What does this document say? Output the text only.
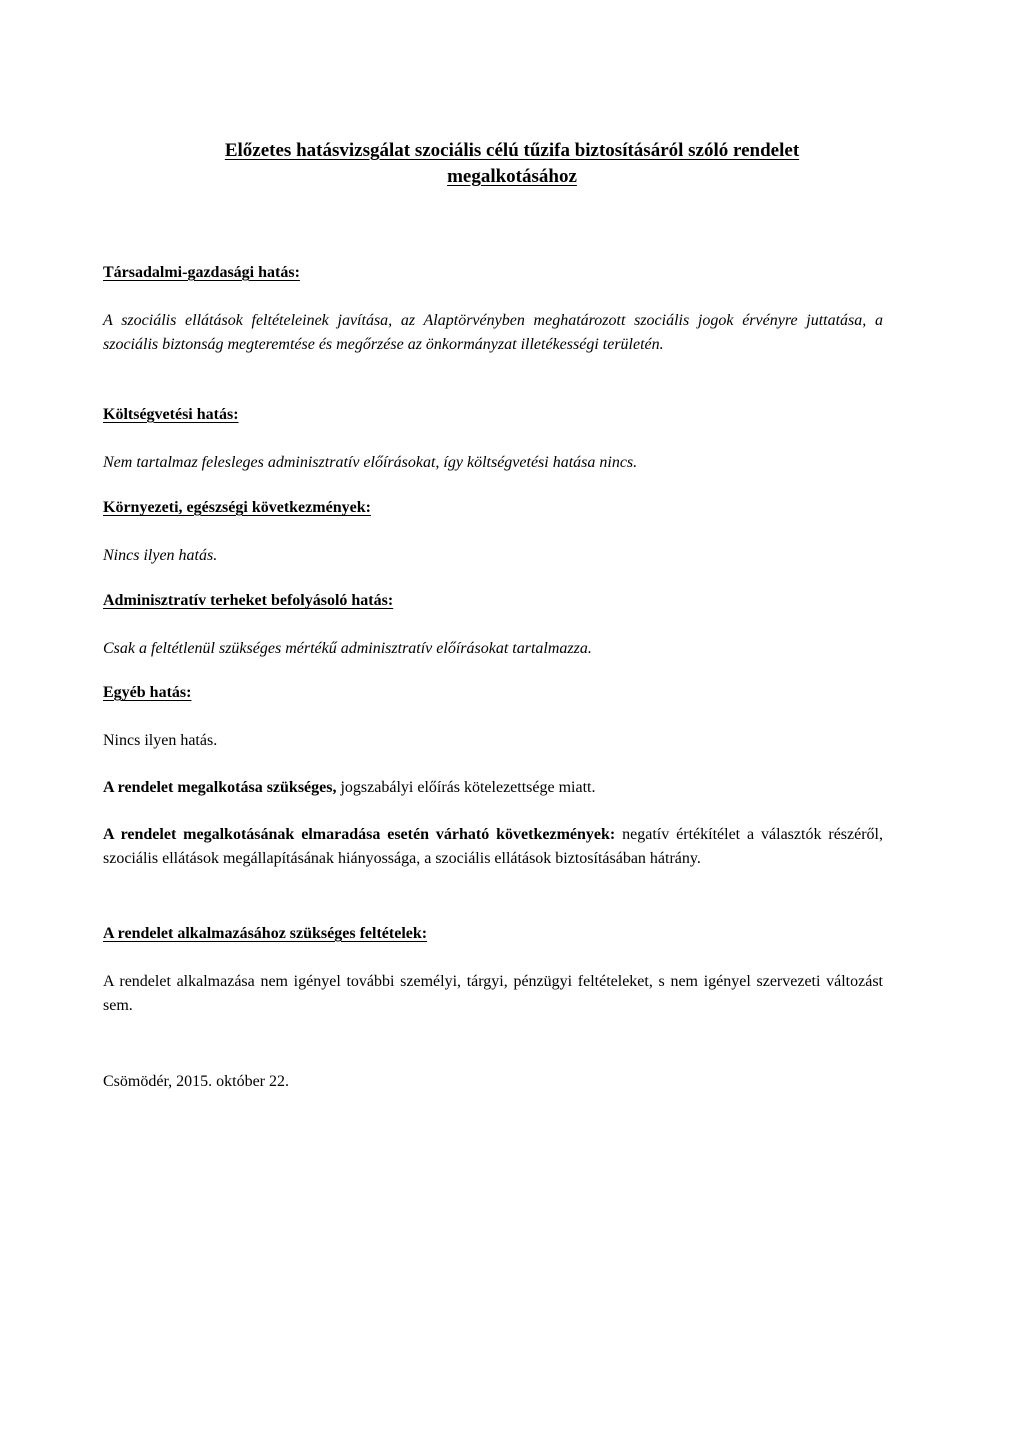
Előzetes hatásvizsgálat szociális célú tűzifa biztosításáról szóló rendelet
megalkotásához
Társadalmi-gazdasági hatás:
A szociális ellátások feltételeinek javítása, az Alaptörvényben meghatározott szociális jogok érvényre juttatása, a szociális biztonság megteremtése és megőrzése az önkormányzat illetékességi területén.
Költségvetési hatás:
Nem tartalmaz felesleges adminisztratív előírásokat, így költségvetési hatása nincs.
Környezeti, egészségi következmények:
Nincs ilyen hatás.
Adminisztratív terheket befolyásoló hatás:
Csak a feltétlenül szükséges mértékű adminisztratív előírásokat tartalmazza.
Egyéb hatás:
Nincs ilyen hatás.
A rendelet megalkotása szükséges, jogszabályi előírás kötelezettsége miatt.
A rendelet megalkotásának elmaradása esetén várható következmények: negatív értékítélet a választók részéről, szociális ellátások megállapításának hiányossága, a szociális ellátások biztosításában hátrány.
A rendelet alkalmazásához szükséges feltételek:
A rendelet alkalmazása nem igényel további személyi, tárgyi, pénzügyi feltételeket, s nem igényel szervezeti változást sem.
Csömödér, 2015. október 22.
